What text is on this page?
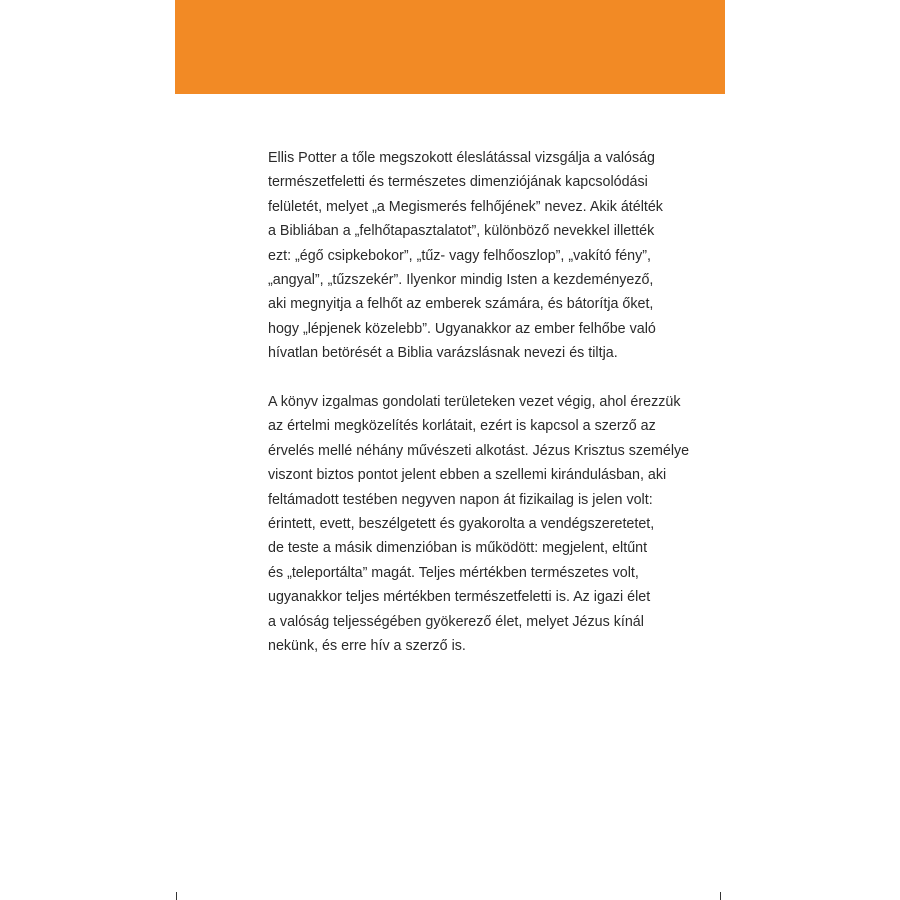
Ellis Potter a tőle megszokott éleslátással vizsgálja a valóság
természetfeletti és természetes dimenziójának kapcsolódási
felületét, melyet „a Megismerés felhőjének” nevez. Akik átélték
a Bibliában a „felhőtapasztalatot”, különböző nevekkel illették
ezt: „égő csipkebokor”, „tűz- vagy felhőoszlop”, „vakító fény”,
„angyal”, „tűzszekér”. Ilyenkor mindig Isten a kezdeményező,
aki megnyitja a felhőt az emberek számára, és bátorítja őket,
hogy „lépjenek közelebb”. Ugyanakkor az ember felhőbe való
hívatlan betörését a Biblia varázslásnak nevezi és tiltja.

A könyv izgalmas gondolati területeken vezet végig, ahol érezzük
az értelmi megközelítés korlátait, ezért is kapcsol a szerző az
érvelés mellé néhány művészeti alkotást. Jézus Krisztus személye
viszont biztos pontot jelent ebben a szellemi kirándulásban, aki
feltámadott testében negyven napon át fizikailag is jelen volt:
érintett, evett, beszélgetett és gyakorolta a vendégszeretetet,
de teste a másik dimenzióban is működött: megjelent, eltűnt
és „teleportálta” magát. Teljes mértékben természetes volt,
ugyanakkor teljes mértékben természetfeletti is. Az igazi élet
a valóság teljességében gyökerező élet, melyet Jézus kínál
nekünk, és erre hív a szerző is.
